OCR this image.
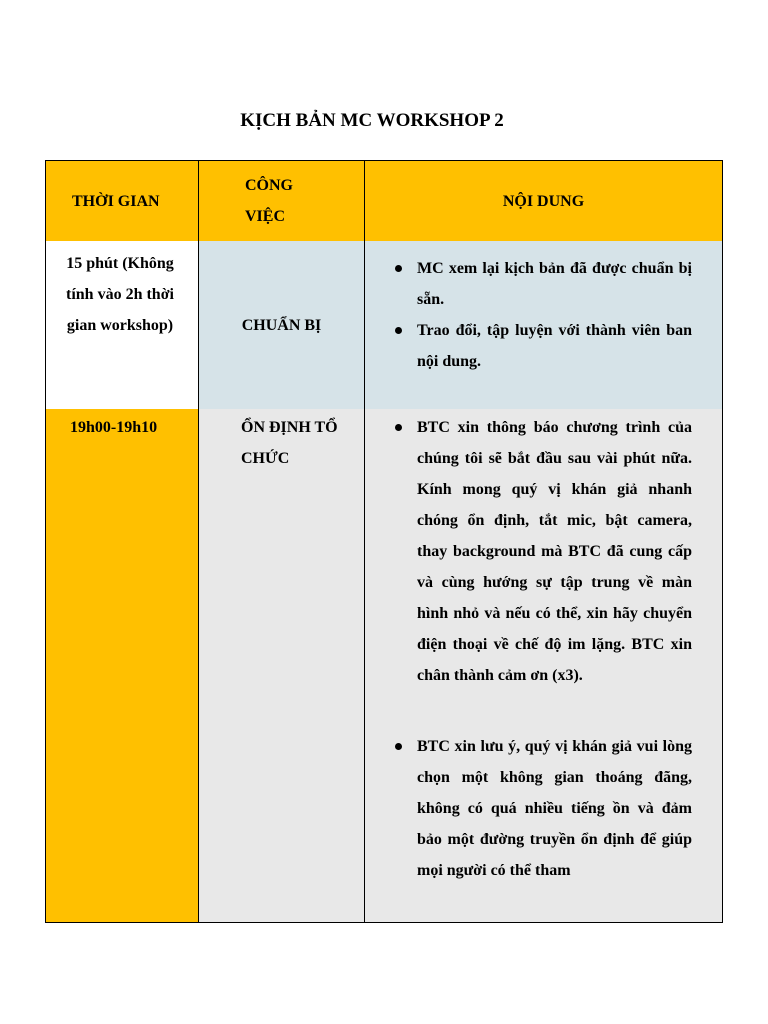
KỊCH BẢN MC WORKSHOP 2
THỜI GIAN
CÔNG VIỆC
NỘI DUNG
15 phút (Không tính vào 2h thời gian workshop)	CHUẨN BỊ
MC xem lại kịch bản đã được chuẩn bị sẵn.
Trao đổi, tập luyện với thành viên ban nội dung.
19h00-19h10	ỔN ĐỊNH TỔ CHỨC
BTC xin thông báo chương trình của chúng tôi sẽ bắt đầu sau vài phút nữa. Kính mong quý vị khán giả nhanh chóng ổn định, tắt mic, bật camera, thay background mà BTC đã cung cấp và cùng hướng sự tập trung về màn hình nhỏ và nếu có thể, xin hãy chuyển điện thoại về chế độ im lặng. BTC xin chân thành cảm ơn (x3).
BTC xin lưu ý, quý vị khán giả vui lòng chọn một không gian thoáng đãng, không có quá nhiều tiếng ồn và đảm bảo một đường truyền ổn định để giúp mọi người có thể tham
